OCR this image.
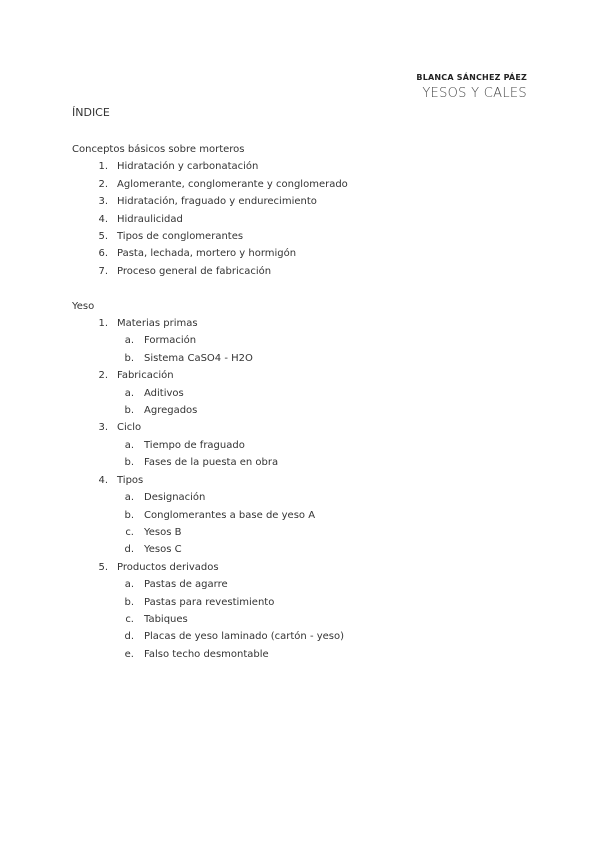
BLANCA SÁNCHEZ PÁEZ
YESOS Y CALES
ÍNDICE
Conceptos básicos sobre morteros
1. Hidratación y carbonatación
2. Aglomerante, conglomerante y conglomerado
3. Hidratación, fraguado y endurecimiento
4. Hidraulicidad
5. Tipos de conglomerantes
6. Pasta, lechada, mortero y hormigón
7. Proceso general de fabricación
Yeso
1. Materias primas
a. Formación
b. Sistema CaSO4 - H2O
2. Fabricación
a. Aditivos
b. Agregados
3. Ciclo
a. Tiempo de fraguado
b. Fases de la puesta en obra
4. Tipos
a. Designación
b. Conglomerantes a base de yeso A
c. Yesos B
d. Yesos C
5. Productos derivados
a. Pastas de agarre
b. Pastas para revestimiento
c. Tabiques
d. Placas de yeso laminado (cartón - yeso)
e. Falso techo desmontable
